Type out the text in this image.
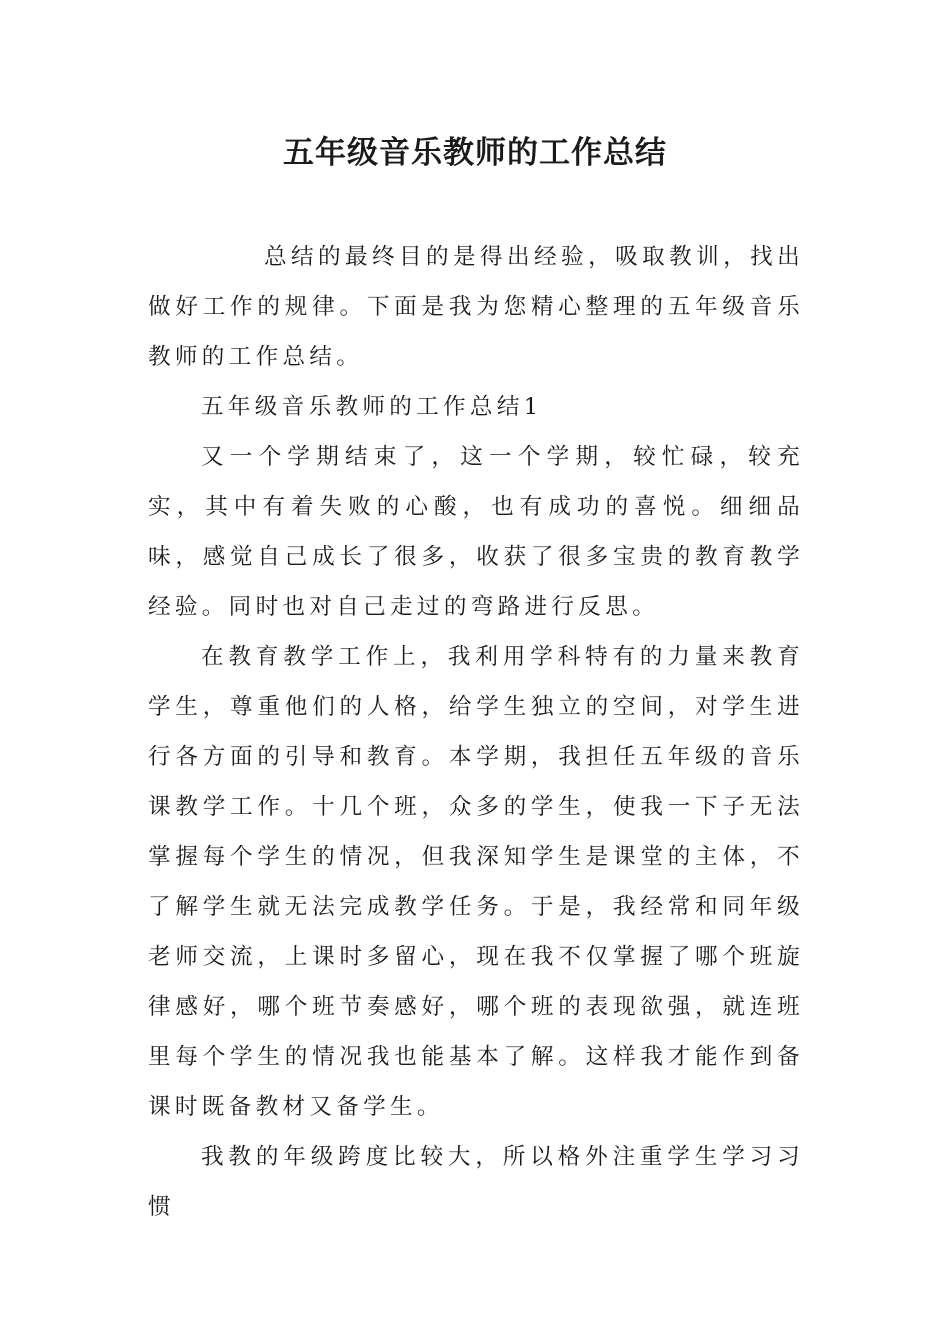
五年级音乐教师的工作总结

总结的最终目的是得出经验，吸取教训，找出做好工作的规律。下面是我为您精心整理的五年级音乐教师的工作总结。

五年级音乐教师的工作总结1

又一个学期结束了，这一个学期，较忙碌，较充实，其中有着失败的心酸，也有成功的喜悦。细细品味，感觉自己成长了很多，收获了很多宝贵的教育教学经验。同时也对自己走过的弯路进行反思。

在教育教学工作上，我利用学科特有的力量来教育学生，尊重他们的人格，给学生独立的空间，对学生进行各方面的引导和教育。本学期，我担任五年级的音乐课教学工作。十几个班，众多的学生，使我一下子无法掌握每个学生的情况，但我深知学生是课堂的主体，不了解学生就无法完成教学任务。于是，我经常和同年级老师交流，上课时多留心，现在我不仅掌握了哪个班旋律感好，哪个班节奏感好，哪个班的表现欲强，就连班里每个学生的情况我也能基本了解。这样我才能作到备课时既备教材又备学生。

我教的年级跨度比较大，所以格外注重学生学习习惯
